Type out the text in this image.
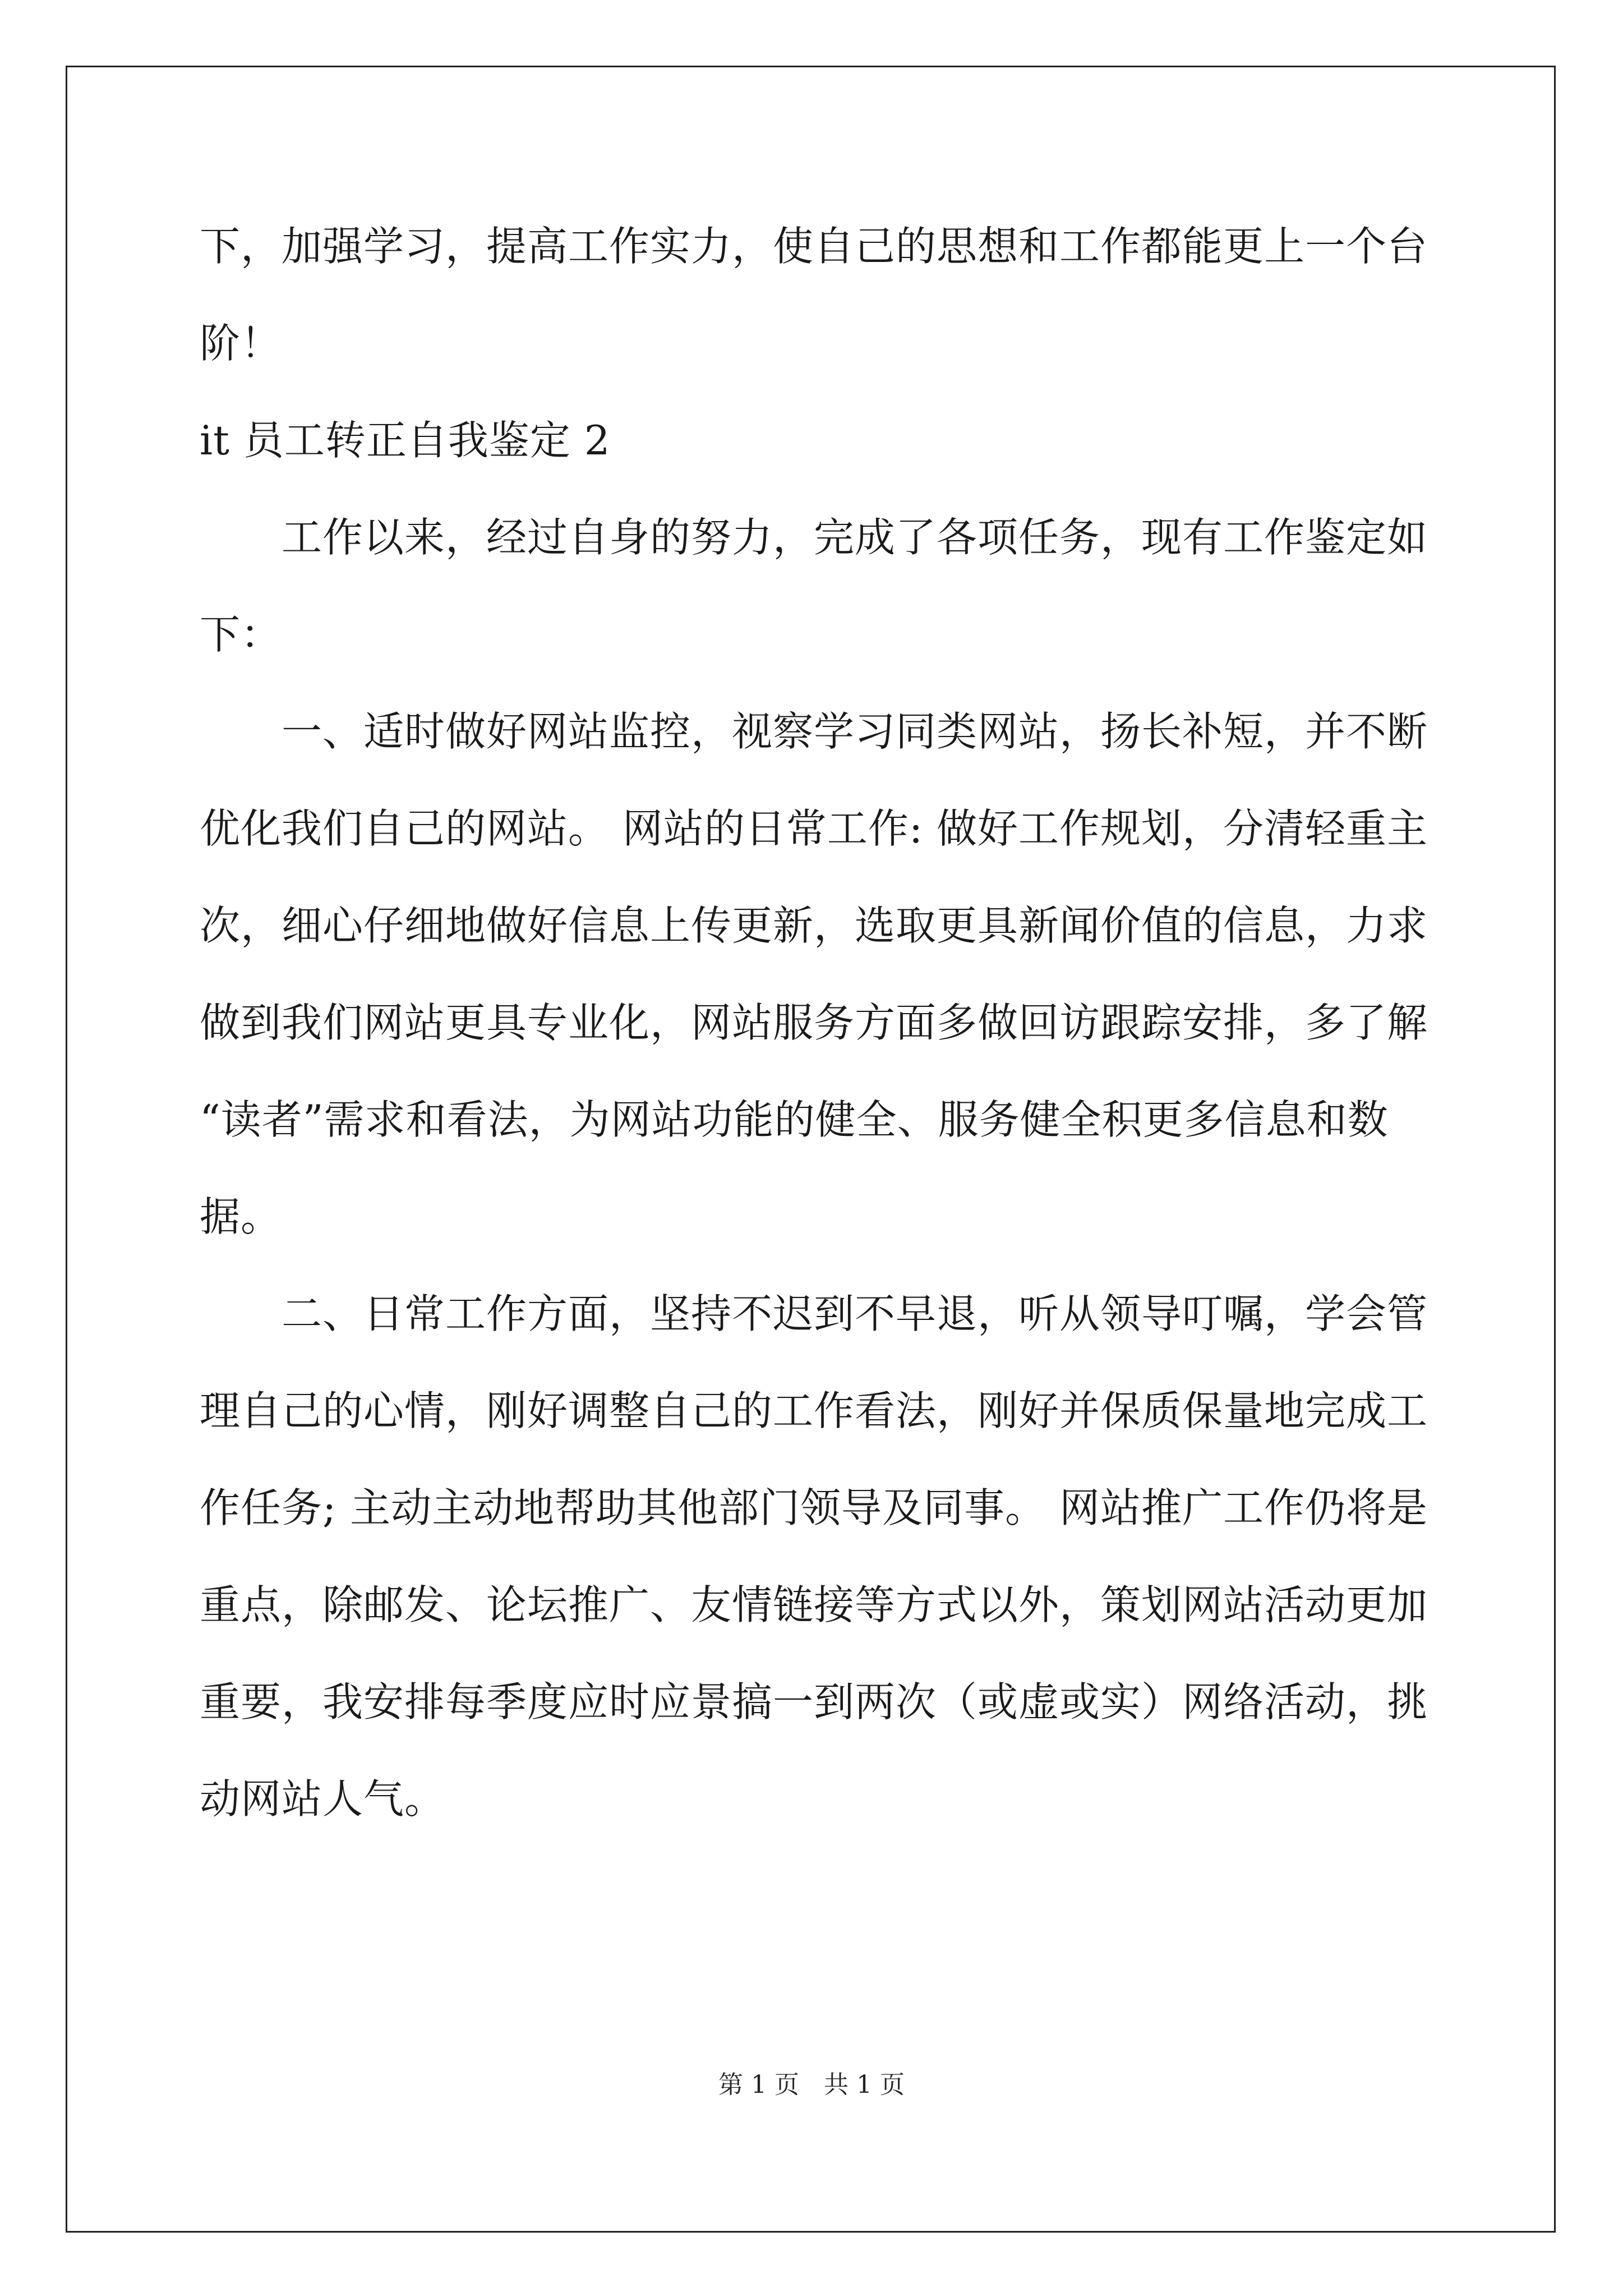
下，加强学习，提高工作实力，使自己的思想和工作都能更上一个台
阶！
it 员工转正自我鉴定 2
　　工作以来，经过自身的努力，完成了各项任务，现有工作鉴定如
下：
　　一、适时做好网站监控，视察学习同类网站，扬长补短，并不断
优化我们自己的网站。 网站的日常工作: 做好工作规划，分清轻重主
次，细心仔细地做好信息上传更新，选取更具新闻价值的信息，力求
做到我们网站更具专业化，网站服务方面多做回访跟踪安排，多了解
“读者”需求和看法，为网站功能的健全、服务健全积更多信息和数
据。
　　二、日常工作方面，坚持不迟到不早退，听从领导叮嘱，学会管
理自己的心情，刚好调整自己的工作看法，刚好并保质保量地完成工
作任务; 主动主动地帮助其他部门领导及同事。 网站推广工作仍将是
重点，除邮发、论坛推广、友情链接等方式以外，策划网站活动更加
重要，我安排每季度应时应景搞一到两次（或虚或实）网络活动，挑
动网站人气。
第 1 页　共 1 页
